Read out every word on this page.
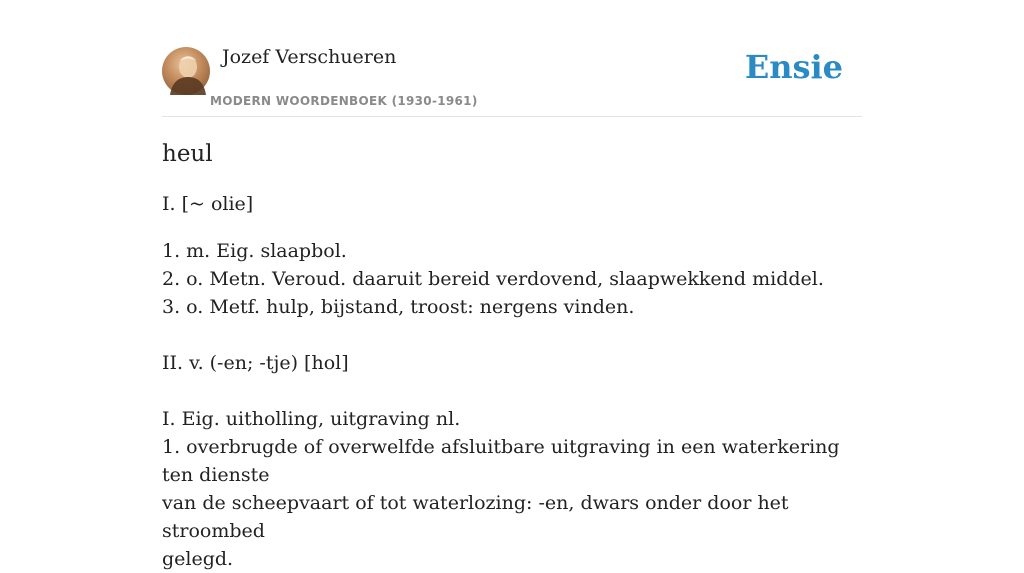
Jozef Verschueren
MODERN WOORDENBOEK (1930-1961)
Ensie
heul

I. [~ olie]

1. m. Eig. slaapbol.

2. o. Metn. Veroud. daaruit bereid verdovend, slaapwekkend middel.

3. o. Metf. hulp, bijstand, troost: nergens vinden.

II. v. (-en; -tje) [hol]

I. Eig. uitholling, uitgraving nl.

1. overbrugde of overwelfde afsluitbare uitgraving in een waterkering ten dienste

van de scheepvaart of tot waterlozing: -en, dwars onder door het stroombed

gelegd.
